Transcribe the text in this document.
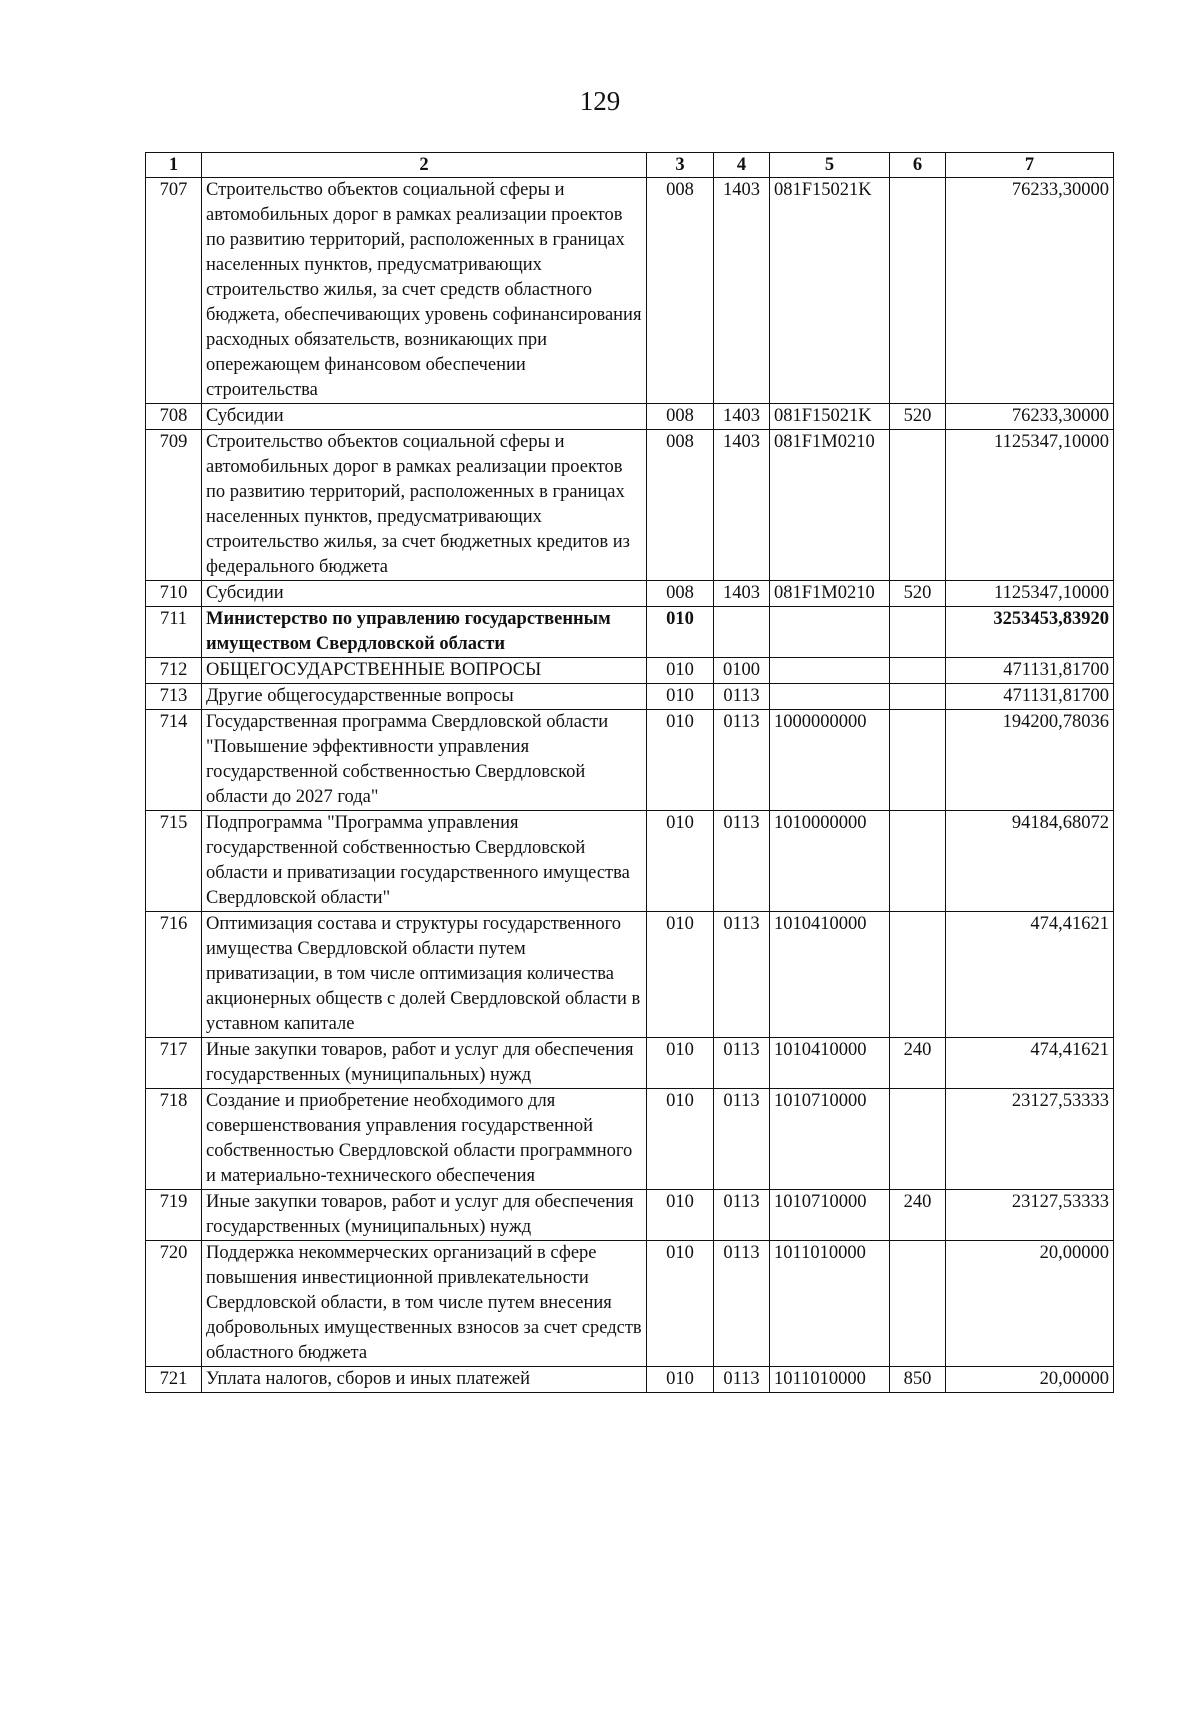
129
1	2	3	4	5	6	7
707	Строительство объектов социальной сферы и автомобильных дорог в рамках реализации проектов по развитию территорий, расположенных в границах населенных пунктов, предусматривающих строительство жилья, за счет средств областного бюджета, обеспечивающих уровень софинансирования расходных обязательств, возникающих при опережающем финансовом обеспечении строительства	008	1403	081F15021K		76233,30000
708	Субсидии	008	1403	081F15021K	520	76233,30000
709	Строительство объектов социальной сферы и автомобильных дорог в рамках реализации проектов по развитию территорий, расположенных в границах населенных пунктов, предусматривающих строительство жилья, за счет бюджетных кредитов из федерального бюджета	008	1403	081F1M0210		1125347,10000
710	Субсидии	008	1403	081F1M0210	520	1125347,10000
711	Министерство по управлению государственным имуществом Свердловской области	010				3253453,83920
712	ОБЩЕГОСУДАРСТВЕННЫЕ ВОПРОСЫ	010	0100			471131,81700
713	Другие общегосударственные вопросы	010	0113			471131,81700
714	Государственная программа Свердловской области "Повышение эффективности управления государственной собственностью Свердловской области до 2027 года"	010	0113	1000000000		194200,78036
715	Подпрограмма "Программа управления государственной собственностью Свердловской области и приватизации государственного имущества Свердловской области"	010	0113	1010000000		94184,68072
716	Оптимизация состава и структуры государственного имущества Свердловской области путем приватизации, в том числе оптимизация количества акционерных обществ с долей Свердловской области в уставном капитале	010	0113	1010410000		474,41621
717	Иные закупки товаров, работ и услуг для обеспечения государственных (муниципальных) нужд	010	0113	1010410000	240	474,41621
718	Создание и приобретение необходимого для совершенствования управления государственной собственностью Свердловской области программного и материально-технического обеспечения	010	0113	1010710000		23127,53333
719	Иные закупки товаров, работ и услуг для обеспечения государственных (муниципальных) нужд	010	0113	1010710000	240	23127,53333
720	Поддержка некоммерческих организаций в сфере повышения инвестиционной привлекательности Свердловской области, в том числе путем внесения добровольных имущественных взносов за счет средств областного бюджета	010	0113	1011010000		20,00000
721	Уплата налогов, сборов и иных платежей	010	0113	1011010000	850	20,00000
